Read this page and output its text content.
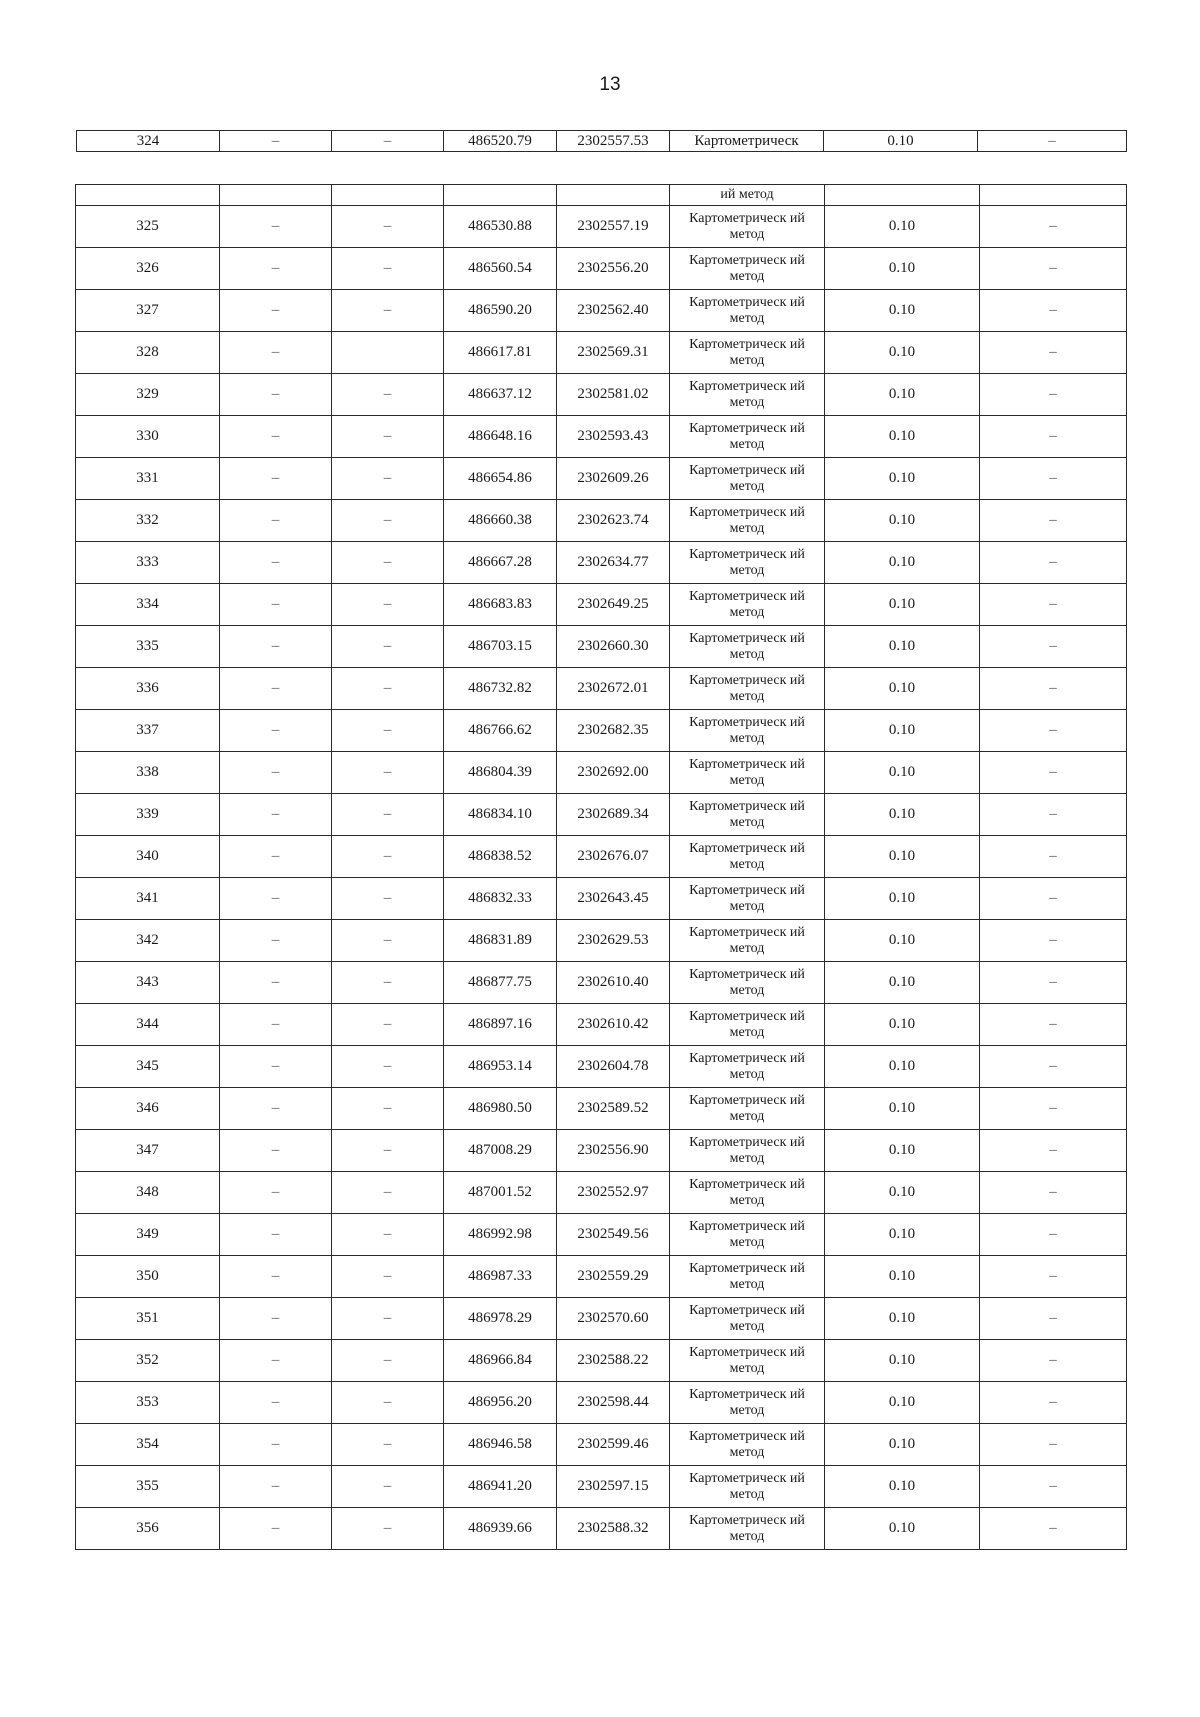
13
324	–	–	486520.79	2302557.53	Картометрическ	0.10	–
					ий метод		
325	–	–	486530.88	2302557.19	Картометрическ ий метод	0.10	–
326	–	–	486560.54	2302556.20	Картометрическ ий метод	0.10	–
327	–	–	486590.20	2302562.40	Картометрическ ий метод	0.10	–
328	–		486617.81	2302569.31	Картометрическ ий метод	0.10	–
329	–	–	486637.12	2302581.02	Картометрическ ий метод	0.10	–
330	–	–	486648.16	2302593.43	Картометрическ ий метод	0.10	–
331	–	–	486654.86	2302609.26	Картометрическ ий метод	0.10	–
332	–	–	486660.38	2302623.74	Картометрическ ий метод	0.10	–
333	–	–	486667.28	2302634.77	Картометрическ ий метод	0.10	–
334	–	–	486683.83	2302649.25	Картометрическ ий метод	0.10	–
335	–	–	486703.15	2302660.30	Картометрическ ий метод	0.10	–
336	–	–	486732.82	2302672.01	Картометрическ ий метод	0.10	–
337	–	–	486766.62	2302682.35	Картометрическ ий метод	0.10	–
338	–	–	486804.39	2302692.00	Картометрическ ий метод	0.10	–
339	–	–	486834.10	2302689.34	Картометрическ ий метод	0.10	–
340	–	–	486838.52	2302676.07	Картометрическ ий метод	0.10	–
341	–	–	486832.33	2302643.45	Картометрическ ий метод	0.10	–
342	–	–	486831.89	2302629.53	Картометрическ ий метод	0.10	–
343	–	–	486877.75	2302610.40	Картометрическ ий метод	0.10	–
344	–	–	486897.16	2302610.42	Картометрическ ий метод	0.10	–
345	–	–	486953.14	2302604.78	Картометрическ ий метод	0.10	–
346	–	–	486980.50	2302589.52	Картометрическ ий метод	0.10	–
347	–	–	487008.29	2302556.90	Картометрическ ий метод	0.10	–
348	–	–	487001.52	2302552.97	Картометрическ ий метод	0.10	–
349	–	–	486992.98	2302549.56	Картометрическ ий метод	0.10	–
350	–	–	486987.33	2302559.29	Картометрическ ий метод	0.10	–
351	–	–	486978.29	2302570.60	Картометрическ ий метод	0.10	–
352	–	–	486966.84	2302588.22	Картометрическ ий метод	0.10	–
353	–	–	486956.20	2302598.44	Картометрическ ий метод	0.10	–
354	–	–	486946.58	2302599.46	Картометрическ ий метод	0.10	–
355	–	–	486941.20	2302597.15	Картометрическ ий метод	0.10	–
356	–	–	486939.66	2302588.32	Картометрическ ий метод	0.10	–
